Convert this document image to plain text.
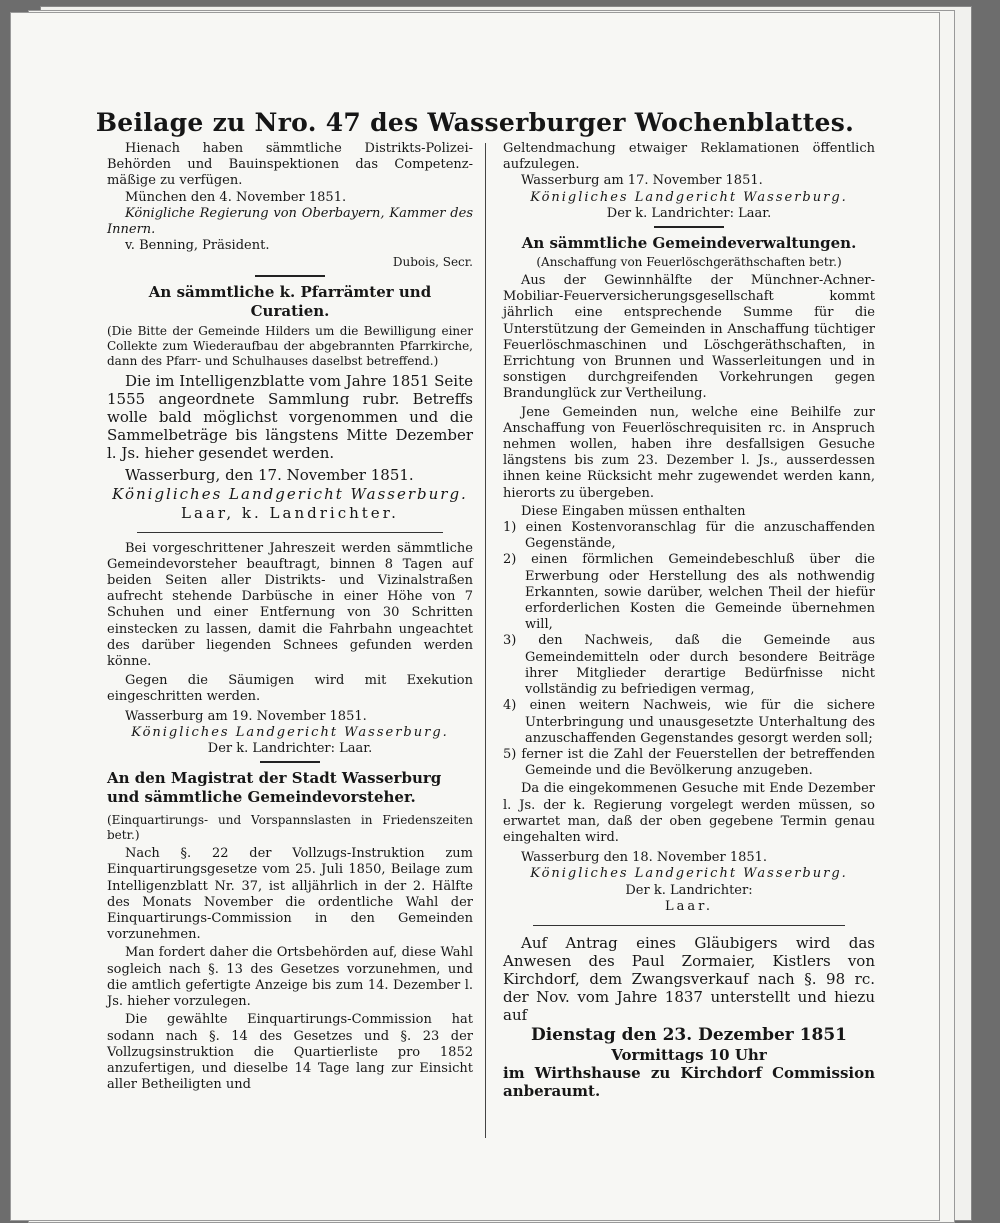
Beilage zu Nro. 47 des Wasserburger Wochenblattes.

Hienach haben sämmtliche Distrikts-Polizei-Behörden und Bauinspektionen das Competenz-mäßige zu verfügen.

München den 4. November 1851.

Königliche Regierung von Oberbayern, Kammer des Innern.

v. Benning, Präsident.

Dubois, Secr.

An sämmtliche k. Pfarrämter und Curatien.

(Die Bitte der Gemeinde Hilders um die Bewilligung einer Collekte zum Wiederaufbau der abgebrannten Pfarrkirche, dann des Pfarr- und Schulhauses daselbst betreffend.)

Die im Intelligenzblatte vom Jahre 1851 Seite 1555 angeordnete Sammlung rubr. Betreffs wolle bald möglichst vorgenommen und die Sammelbeträge bis längstens Mitte Dezember l. Js. hieher gesendet werden.

Wasserburg, den 17. November 1851.

Königliches Landgericht Wasserburg.

Laar, k. Landrichter.

Bei vorgeschrittener Jahreszeit werden sämmtliche Gemeindevorsteher beauftragt, binnen 8 Tagen auf beiden Seiten aller Distrikts- und Vizinalstraßen aufrecht stehende Darbüsche in einer Höhe von 7 Schuhen und einer Entfernung von 30 Schritten einstecken zu lassen, damit die Fahrbahn ungeachtet des darüber liegenden Schnees gefunden werden könne.

Gegen die Säumigen wird mit Exekution eingeschritten werden.

Wasserburg am 19. November 1851.

Königliches Landgericht Wasserburg.

Der k. Landrichter: Laar.

An den Magistrat der Stadt Wasserburg und sämmtliche Gemeindevorsteher.

(Einquartirungs- und Vorspannslasten in Friedenszeiten betr.)

Nach §. 22 der Vollzugs-Instruktion zum Einquartirungsgesetze vom 25. Juli 1850, Beilage zum Intelligenzblatt Nr. 37, ist alljährlich in der 2. Hälfte des Monats November die ordentliche Wahl der Einquartirungs-Commission in den Gemeinden vorzunehmen.

Man fordert daher die Ortsbehörden auf, diese Wahl sogleich nach §. 13 des Gesetzes vorzunehmen, und die amtlich gefertigte Anzeige bis zum 14. Dezember l. Js. hieher vorzulegen.

Die gewählte Einquartirungs-Commission hat sodann nach §. 14 des Gesetzes und §. 23 der Vollzugsinstruktion die Quartierliste pro 1852 anzufertigen, und dieselbe 14 Tage lang zur Einsicht aller Betheiligten und

Geltendmachung etwaiger Reklamationen öffentlich aufzulegen.

Wasserburg am 17. November 1851.

Königliches Landgericht Wasserburg.

Der k. Landrichter: Laar.

An sämmtliche Gemeindeverwaltungen.

(Anschaffung von Feuerlöschgeräthschaften betr.)

Aus der Gewinnhälfte der Münchner-Achner-Mobiliar-Feuerversicherungsgesellschaft kommt jährlich eine entsprechende Summe für die Unterstützung der Gemeinden in Anschaffung tüchtiger Feuerlöschmaschinen und Löschgeräthschaften, in Errichtung von Brunnen und Wasserleitungen und in sonstigen durchgreifenden Vorkehrungen gegen Brandunglück zur Vertheilung.

Jene Gemeinden nun, welche eine Beihilfe zur Anschaffung von Feuerlöschrequisiten rc. in Anspruch nehmen wollen, haben ihre desfallsigen Gesuche längstens bis zum 23. Dezember l. Js., ausserdessen ihnen keine Rücksicht mehr zugewendet werden kann, hierorts zu übergeben.

Diese Eingaben müssen enthalten

1) einen Kostenvoranschlag für die anzuschaffenden Gegenstände,

2) einen förmlichen Gemeindebeschluß über die Erwerbung oder Herstellung des als nothwendig Erkannten, sowie darüber, welchen Theil der hiefür erforderlichen Kosten die Gemeinde übernehmen will,

3) den Nachweis, daß die Gemeinde aus Gemeindemitteln oder durch besondere Beiträge ihrer Mitglieder derartige Bedürfnisse nicht vollständig zu befriedigen vermag,

4) einen weitern Nachweis, wie für die sichere Unterbringung und unausgesetzte Unterhaltung des anzuschaffenden Gegenstandes gesorgt werden soll;

5) ferner ist die Zahl der Feuerstellen der betreffenden Gemeinde und die Bevölkerung anzugeben.

Da die eingekommenen Gesuche mit Ende Dezember l. Js. der k. Regierung vorgelegt werden müssen, so erwartet man, daß der oben gegebene Termin genau eingehalten wird.

Wasserburg den 18. November 1851.

Königliches Landgericht Wasserburg.

Der k. Landrichter:

Laar.

Auf Antrag eines Gläubigers wird das Anwesen des Paul Zormaier, Kistlers von Kirchdorf, dem Zwangsverkauf nach §. 98 rc. der Nov. vom Jahre 1837 unterstellt und hiezu auf

Dienstag den 23. Dezember 1851

Vormittags 10 Uhr

im Wirthshause zu Kirchdorf Commission anberaumt.
